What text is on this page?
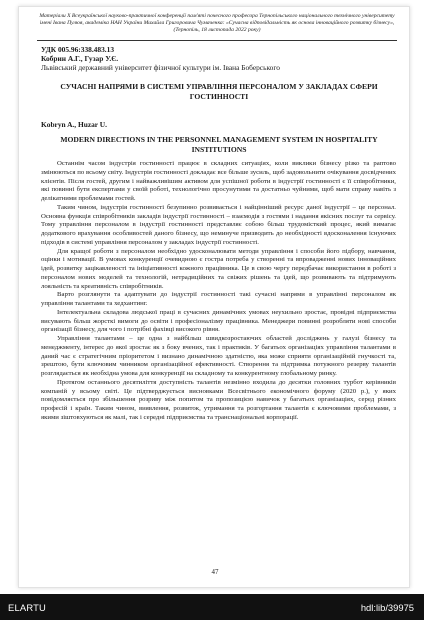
Матеріали X Всеукраїнської науково-практичної конференції пам'яті почесного професора Тернопільського національного технічного університету імені Івана Пулюя, академіка НАН України Михайла Григоровича Чумаченка: «Сучасна відповідальність як основа інноваційного розвитку бізнесу», (Тернопіль, 18 листопада 2022 року)
УДК 005.96:338.483.13
Кобрин А.Г., Гузар У.Є.
Львівський державний університет фізичної культури ім. Івана Боберського
СУЧАСНІ НАПРЯМИ В СИСТЕМІ УПРАВЛІННЯ ПЕРСОНАЛОМ У ЗАКЛАДАХ СФЕРИ ГОСТИННОСТІ
Kobryn A., Huzar U.
MODERN DIRECTIONS IN THE PERSONNEL MANAGEMENT SYSTEM IN HOSPITALITY INSTITUTIONS

Останнім часом індустрія гостинності працює в складних ситуаціях, коли виклики бізнесу різко та раптово змінюються по всьому світу. Індустрія гостинності докладає все більше зусиль, щоб задовольнити очікування досвідчених клієнтів. Після гостей, другим і найважливішим активом для успішної роботи в індустрії гостинності є її співробітники, які повинні бути експертами у своїй роботі, технологічно просунутими та достатньо чуйними, щоб мати справу навіть з делікатними проблемами гостей.

Таким чином, індустрія гостинності безупинно розвивається і найцінніший ресурс даної індустрії – це персонал. Основна функція співробітників закладів індустрії гостинності – взаємодія з гостями і надання якісних послуг та сервісу. Тому управління персоналом в індустрії гостинності представляє собою більш трудомісткий процес, який вимагає додаткового врахування особливостей даного бізнесу, що неминуче призводить до необхідності вдосконалення існуючих підходів в системі управління персоналом у закладах індустрії гостинності.

Для кращої роботи з персоналом необхідно удосконалювати методи управління і способи його підбору, навчання, оцінки і мотивації. В умовах конкуренції очевидною є гостра потреба у створенні та впровадженні нових інноваційних ідей, розвитку зацікавленості та ініціативності кожного працівника. Це в свою чергу передбачає використання в роботі з персоналом нових моделей та технологій, нетрадиційних та свіжих рішень та ідей, що розвивають та підтримують лояльність та креативність співробітників.

Варто розглянути та адаптувати до індустрії гостинності такі сучасні напрями в управлінні персоналом як управління талантами та хедхантинг.

Інтелектуальна складова людської праці в сучасних динамічних умовах неухильно зростає, провідні підприємства висувають більш жорсткі вимоги до освіти і професіоналізму працівника. Менеджери повинні розробляти нові способи організації бізнесу, для чого і потрібні фахівці високого рівня.

Управління талантами – це одна з найбільш швидкозростаючих областей досліджень у галузі бізнесу та менеджменту, інтерес до якої зростає як з боку вчених, так і практиків. У багатьох організаціях управління талантами в даний час є стратегічним пріоритетом і визнано динамічною здатністю, яка може сприяти організаційній гнучкості та, зрештою, бути ключовим чинником організаційної ефективності. Створення та підтримка потужного резерву талантів розглядається як необхідна умова для конкуренції на складному та конкурентному глобальному ринку.

Протягом останнього десятиліття доступність талантів незмінно входила до десятки головних турбот керівників компаній у всьому світі. Це підтверджується висновками Всесвітнього економічного форуму (2020 р.), у яких повідомляється про збільшення розриву між попитом та пропозицією навичок у багатьох організаціях, серед різних професій і країн. Таким чином, виявлення, розвиток, утримання та розгортання талантів є ключовими проблемами, з якими зіштовхуються як малі, так і середні підприємства та транснаціональні корпорації.

47
ELARTU	hdl:lib/39975
